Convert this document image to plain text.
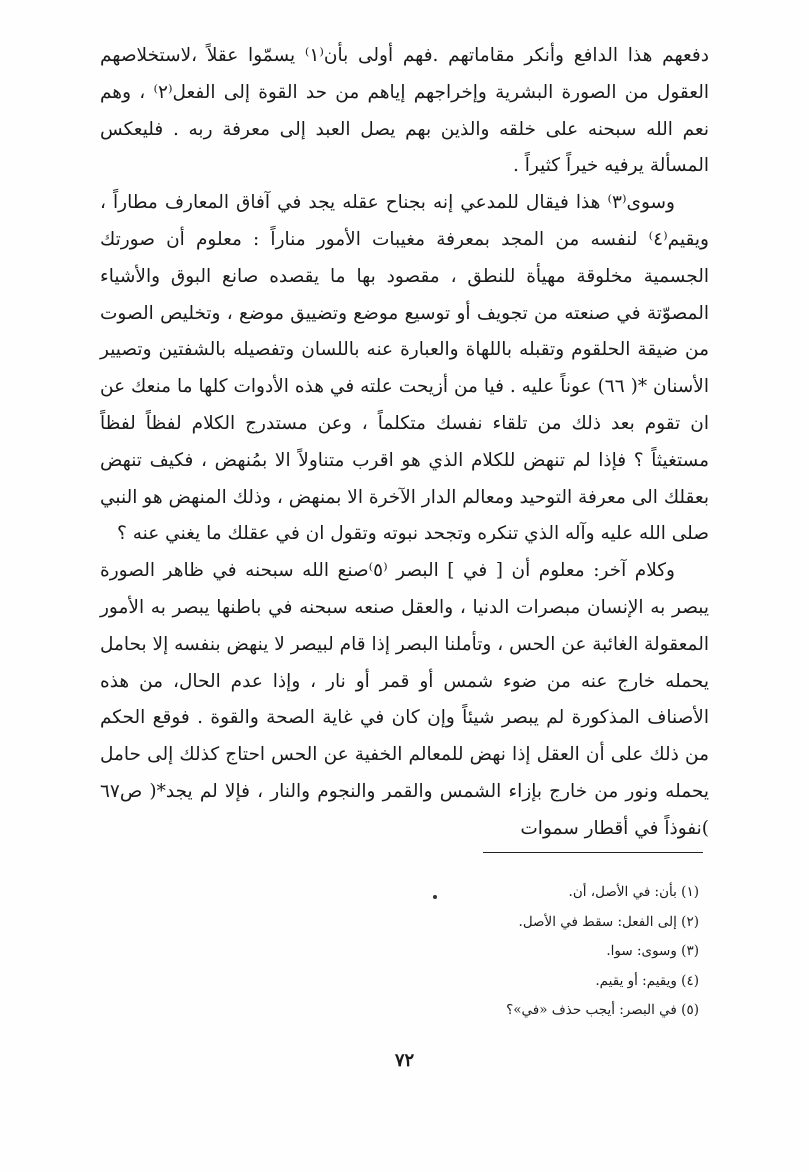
دفعهم هذا الدافع وأنكر مقاماتهم .فهم أولى بأن⁽١⁾ يسمّوا عقلاً ،لاستخلاصهم العقول من الصورة البشرية وإخراجهم إياهم من حد القوة إلى الفعل⁽٢⁾ ، وهم نعم الله سبحنه على خلقه والذين بهم يصل العبد إلى معرفة ربه . فليعكس المسألة يرفيه خيراً كثيراً .

وسوى⁽٣⁾ هذا فيقال للمدعي إنه بجناح عقله يجد في آفاق المعارف مطاراً ، ويقيم⁽٤⁾ لنفسه من المجد بمعرفة مغيبات الأمور مناراً : معلوم أن صورتك الجسمية مخلوقة مهيأة للنطق ، مقصود بها ما يقصده صانع البوق والأشياء المصوّتة في صنعته من تجويف أو توسيع موضع وتضييق موضع ، وتخليص الصوت من ضيقة الحلقوم وتقبله باللهاة والعبارة عنه باللسان وتفصيله بالشفتين وتصيير الأسنان *( ٦٦) عوناً عليه . فيا من أزيحت علته في هذه الأدوات كلها ما منعك عن ان تقوم بعد ذلك من تلقاء نفسك متكلماً ، وعن مستدرج الكلام لفظاً لفظاً مستغيثاً ؟ فإذا لم تنهض للكلام الذي هو اقرب متناولاً الا بمُنهض ، فكيف تنهض بعقلك الى معرفة التوحيد ومعالم الدار الآخرة الا بمنهض ، وذلك المنهض هو النبي صلى الله عليه وآله الذي تنكره وتجحد نبوته وتقول ان في عقلك ما يغني عنه ؟

وكلام آخر: معلوم أن [ في ] البصر ⁽٥⁾صنع الله سبحنه في ظاهر الصورة يبصر به الإنسان مبصرات الدنيا ، والعقل صنعه سبحنه في باطنها يبصر به الأمور المعقولة الغائبة عن الحس ، وتأملنا البصر إذا قام لبيصر لا ينهض بنفسه إلا بحامل يحمله خارج عنه من ضوء شمس أو قمر أو نار ، وإذا عدم الحال، من هذه الأصناف المذكورة لم يبصر شيئاً وإن كان في غاية الصحة والقوة . فوقع الحكم من ذلك على أن العقل إذا نهض للمعالم الخفية عن الحس احتاج كذلك إلى حامل يحمله ونور من خارج بإزاء الشمس والقمر والنجوم والنار ، فإلا لم يجد*( ص٦٧ )نفوذاً في أقطار سموات

(١) بأن: في الأصل، أن.
(٢) إلى الفعل: سقط في الأصل.
(٣) وسوى: سوا.
(٤) ويقيم: أو يقيم.
(٥) في البصر: أيجب حذف «في»؟
٧٢
